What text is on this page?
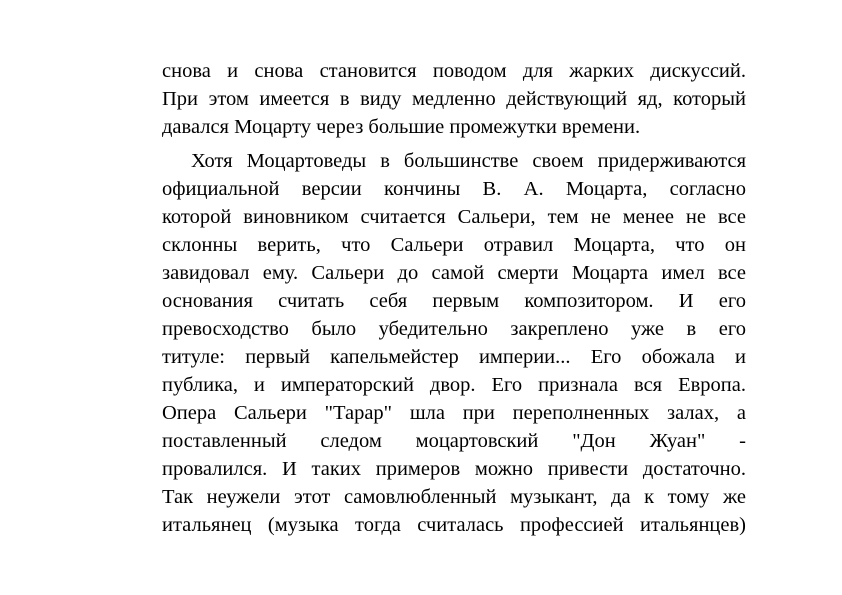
снова и снова становится поводом для жарких дискуссий.
При этом имеется в виду медленно действующий яд, который
давался Моцарту через большие промежутки времени.
Хотя Моцартоведы в большинстве своем придерживаются
официальной версии кончины В. А. Моцарта, согласно
которой виновником считается Сальери, тем не менее не все
склонны верить, что Сальери отравил Моцарта, что он
завидовал ему. Сальери до самой смерти Моцарта имел все
основания считать себя первым композитором. И его
превосходство было убедительно закреплено уже в его
титуле: первый капельмейстер империи... Его обожала и
публика, и императорский двор. Его признала вся Европа.
Опера Сальери "Тарар" шла при переполненных залах, а
поставленный следом моцартовский "Дон Жуан" -
провалился. И таких примеров можно привести достаточно.
Так неужели этот самовлюбленный музыкант, да к тому же
итальянец (музыка тогда считалась профессией итальянцев)
